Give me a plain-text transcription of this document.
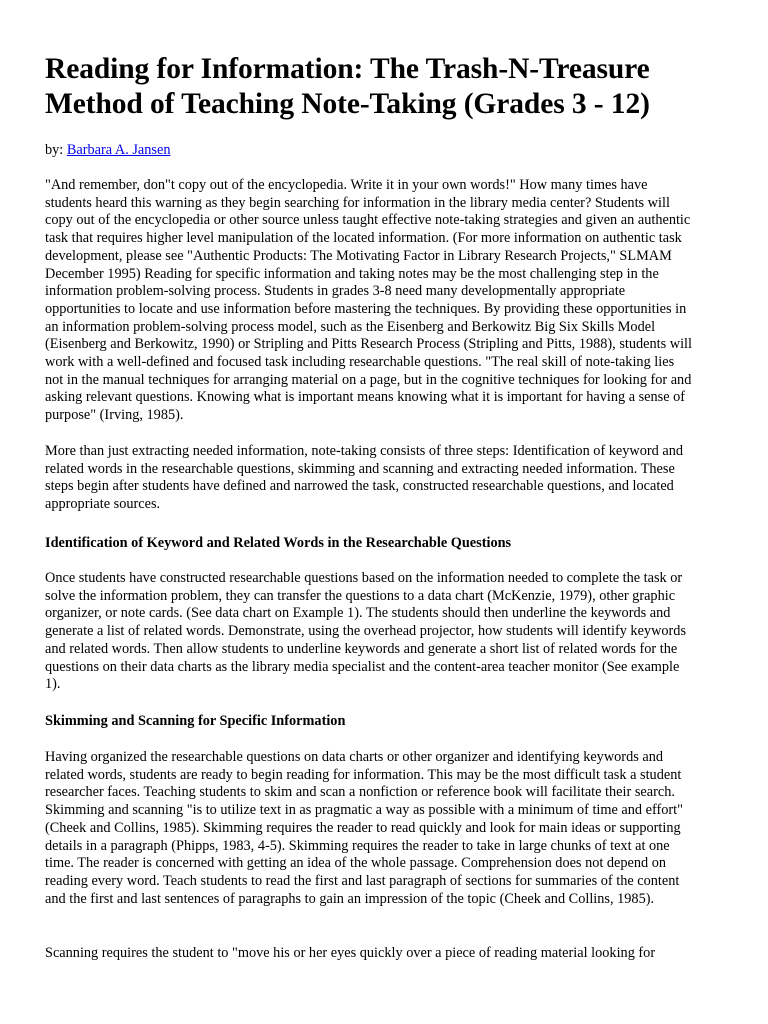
Reading for Information: The Trash-N-Treasure Method of Teaching Note-Taking (Grades 3 - 12)

by: Barbara A. Jansen

"And remember, don"t copy out of the encyclopedia. Write it in your own words!" How many times have students heard this warning as they begin searching for information in the library media center? Students will copy out of the encyclopedia or other source unless taught effective note-taking strategies and given an authentic task that requires higher level manipulation of the located information. (For more information on authentic task development, please see "Authentic Products: The Motivating Factor in Library Research Projects," SLMAM December 1995) Reading for specific information and taking notes may be the most challenging step in the information problem-solving process. Students in grades 3-8 need many developmentally appropriate opportunities to locate and use information before mastering the techniques. By providing these opportunities in an information problem-solving process model, such as the Eisenberg and Berkowitz Big Six Skills Model (Eisenberg and Berkowitz, 1990) or Stripling and Pitts Research Process (Stripling and Pitts, 1988), students will work with a well-defined and focused task including researchable questions. "The real skill of note-taking lies not in the manual techniques for arranging material on a page, but in the cognitive techniques for looking for and asking relevant questions. Knowing what is important means knowing what it is important for having a sense of purpose" (Irving, 1985).

More than just extracting needed information, note-taking consists of three steps: Identification of keyword and related words in the researchable questions, skimming and scanning and extracting needed information. These steps begin after students have defined and narrowed the task, constructed researchable questions, and located appropriate sources.

Identification of Keyword and Related Words in the Researchable Questions

Once students have constructed researchable questions based on the information needed to complete the task or solve the information problem, they can transfer the questions to a data chart (McKenzie, 1979), other graphic organizer, or note cards. (See data chart on Example 1). The students should then underline the keywords and generate a list of related words. Demonstrate, using the overhead projector, how students will identify keywords and related words. Then allow students to underline keywords and generate a short list of related words for the questions on their data charts as the library media specialist and the content-area teacher monitor (See example 1).

Skimming and Scanning for Specific Information

Having organized the researchable questions on data charts or other organizer and identifying keywords and related words, students are ready to begin reading for information. This may be the most difficult task a student researcher faces. Teaching students to skim and scan a nonfiction or reference book will facilitate their search. Skimming and scanning "is to utilize text in as pragmatic a way as possible with a minimum of time and effort" (Cheek and Collins, 1985). Skimming requires the reader to read quickly and look for main ideas or supporting details in a paragraph (Phipps, 1983, 4-5). Skimming requires the reader to take in large chunks of text at one time. The reader is concerned with getting an idea of the whole passage. Comprehension does not depend on reading every word. Teach students to read the first and last paragraph of sections for summaries of the content and the first and last sentences of paragraphs to gain an impression of the topic (Cheek and Collins, 1985).

Scanning requires the student to "move his or her eyes quickly over a piece of reading material looking for
